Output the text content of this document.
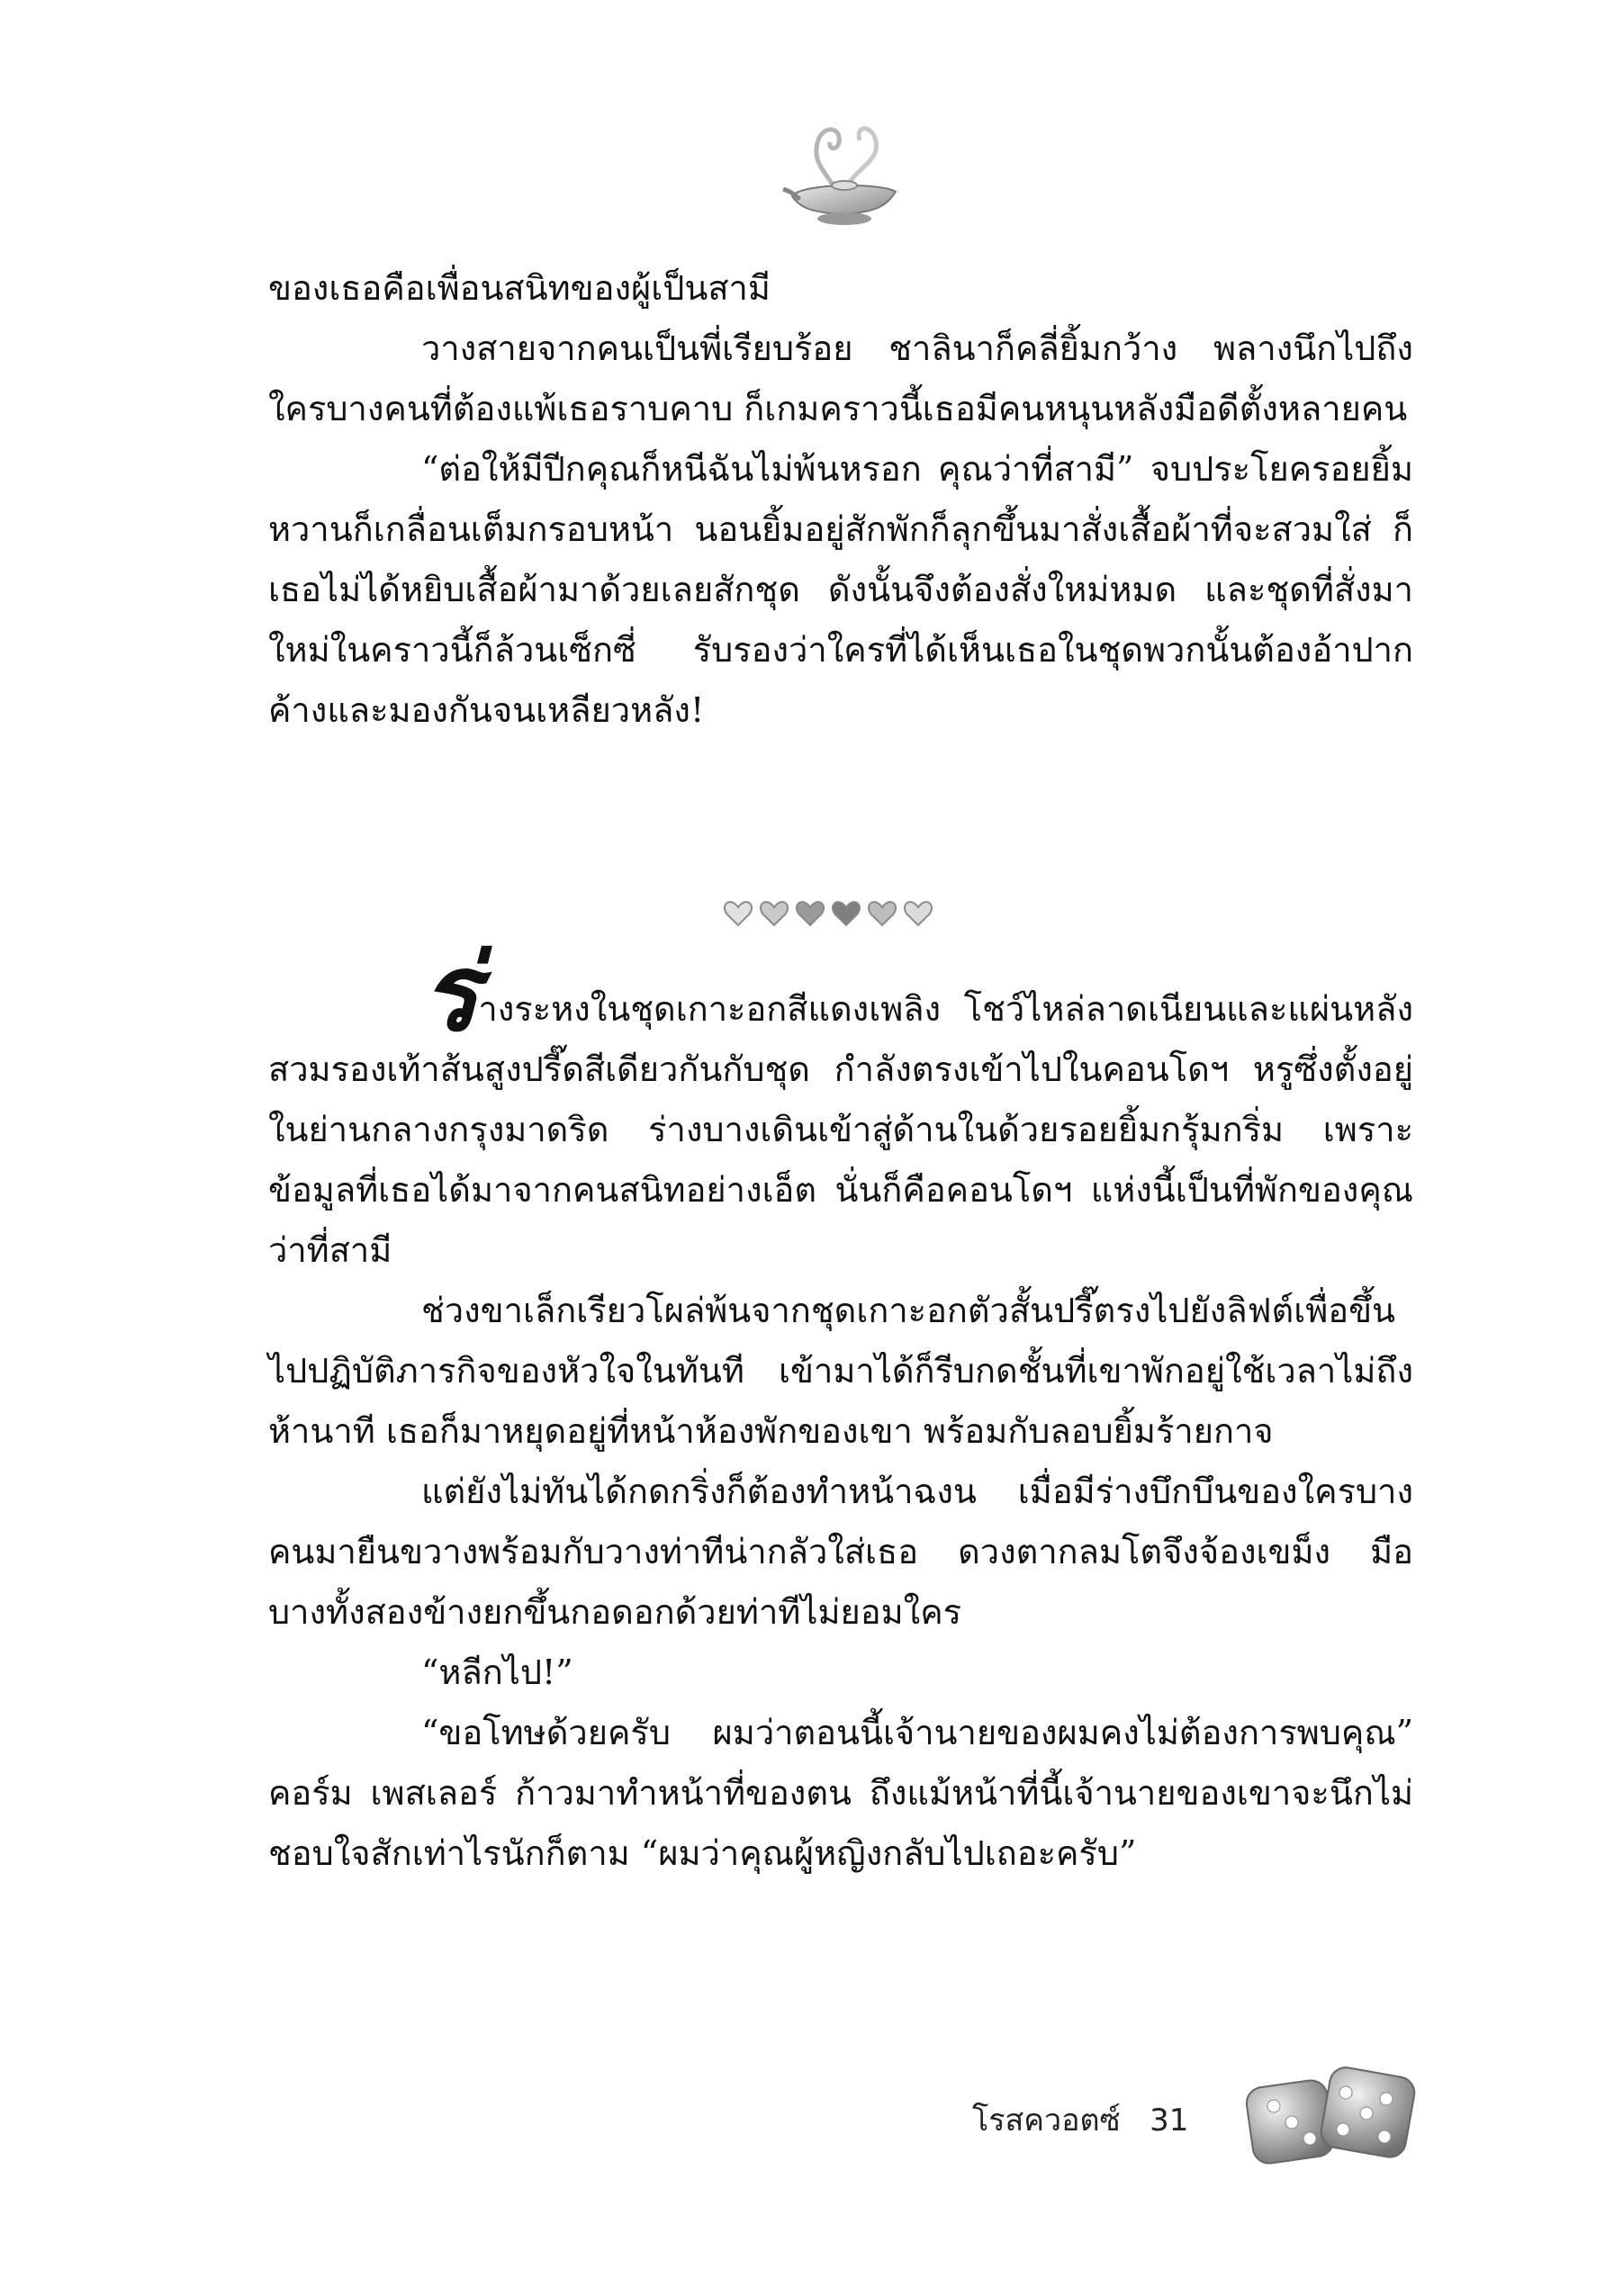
ของเธอคือเพื่อนสนิทของผู้เป็นสามี

วางสายจากคนเป็นพี่เรียบร้อย ชาลินาก็คลี่ยิ้มกว้าง พลางนึกไปถึงใครบางคนที่ต้องแพ้เธอราบคาบ ก็เกมคราวนี้เธอมีคนหนุนหลังมือดีตั้งหลายคน

“ต่อให้มีปีกคุณก็หนีฉันไม่พ้นหรอก คุณว่าที่สามี” จบประโยครอยยิ้มหวานก็เกลื่อนเต็มกรอบหน้า นอนยิ้มอยู่สักพักก็ลุกขึ้นมาสั่งเสื้อผ้าที่จะสวมใส่ ก็เธอไม่ได้หยิบเสื้อผ้ามาด้วยเลยสักชุด ดังนั้นจึงต้องสั่งใหม่หมด และชุดที่สั่งมาใหม่ในคราวนี้ก็ล้วนเซ็กซี่ รับรองว่าใครที่ได้เห็นเธอในชุดพวกนั้นต้องอ้าปากค้างและมองกันจนเหลียวหลัง!

ร่างระหงในชุดเกาะอกสีแดงเพลิง โชว์ไหล่ลาดเนียนและแผ่นหลัง สวมรองเท้าส้นสูงปรี๊ดสีเดียวกันกับชุด กำลังตรงเข้าไปในคอนโดฯ หรูซึ่งตั้งอยู่ในย่านกลางกรุงมาดริด ร่างบางเดินเข้าสู่ด้านในด้วยรอยยิ้มกรุ้มกริ่ม เพราะข้อมูลที่เธอได้มาจากคนสนิทอย่างเอ็ต นั่นก็คือคอนโดฯ แห่งนี้เป็นที่พักของคุณว่าที่สามี

ช่วงขาเล็กเรียวโผล่พ้นจากชุดเกาะอกตัวสั้นปรี๊ตรงไปยังลิฟต์เพื่อขึ้นไปปฏิบัติภารกิจของหัวใจในทันที เข้ามาได้ก็รีบกดชั้นที่เขาพักอยู่ใช้เวลาไม่ถึงห้านาที เธอก็มาหยุดอยู่ที่หน้าห้องพักของเขา พร้อมกับลอบยิ้มร้ายกาจ

แต่ยังไม่ทันได้กดกริ่งก็ต้องทำหน้าฉงน เมื่อมีร่างบึกบึนของใครบางคนมายืนขวางพร้อมกับวางท่าทีน่ากลัวใส่เธอ ดวงตากลมโตจึงจ้องเขม็ง มือบางทั้งสองข้างยกขึ้นกอดอกด้วยท่าทีไม่ยอมใคร

“หลีกไป!”

“ขอโทษด้วยครับ ผมว่าตอนนี้เจ้านายของผมคงไม่ต้องการพบคุณ” คอร์ม เพสเลอร์ ก้าวมาทำหน้าที่ของตน ถึงแม้หน้าที่นี้เจ้านายของเขาจะนึกไม่ชอบใจสักเท่าไรนักก็ตาม “ผมว่าคุณผู้หญิงกลับไปเถอะครับ”

โรสควอตซ์ 31
